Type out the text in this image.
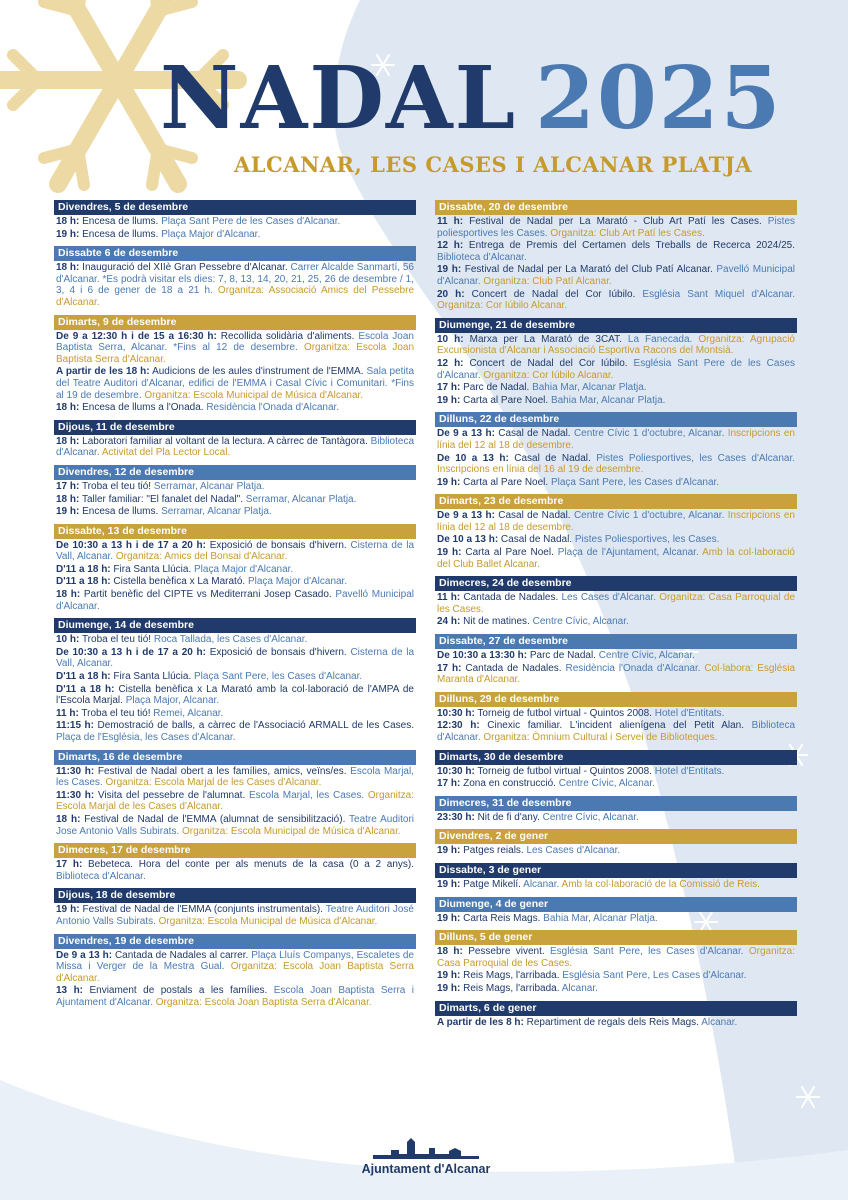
NADAL 2025
ALCANAR, LES CASES I ALCANAR PLATJA
Divendres, 5 de desembre
18 h: Encesa de llums. Plaça Sant Pere de les Cases d'Alcanar.
19 h: Encesa de llums. Plaça Major d'Alcanar.
Dissabte 6 de desembre
18 h: Inauguració del XIIè Gran Pessebre d'Alcanar. Carrer Alcalde Sanmartí, 56 d'Alcanar. *Es podrà visitar els dies: 7, 8, 13, 14, 20, 21, 25, 26 de desembre / 1, 3, 4 i 6 de gener de 18 a 21 h. Organitza: Associació Amics del Pessebre d'Alcanar.
Dimarts, 9 de desembre
De 9 a 12:30 h i de 15 a 16:30 h: Recollida solidària d'aliments. Escola Joan Baptista Serra, Alcanar. *Fins al 12 de desembre. Organitza: Escola Joan Baptista Serra d'Alcanar.
A partir de les 18 h: Audicions de les aules d'instrument de l'EMMA. Sala petita del Teatre Auditori d'Alcanar, edifici de l'EMMA i Casal Cívic i Comunitari. *Fins al 19 de desembre. Organitza: Escola Municipal de Música d'Alcanar.
18 h: Encesa de llums a l'Onada. Residència l'Onada d'Alcanar.
Dijous, 11 de desembre
18 h: Laboratori familiar al voltant de la lectura. A càrrec de Tantàgora. Biblioteca d'Alcanar. Activitat del Pla Lector Local.
Divendres, 12 de desembre
17 h: Troba el teu tió! Serramar, Alcanar Platja.
18 h: Taller familiar: "El fanalet del Nadal". Serramar, Alcanar Platja.
19 h: Encesa de llums. Serramar, Alcanar Platja.
Dissabte, 13 de desembre
De 10:30 a 13 h i de 17 a 20 h: Exposició de bonsais d'hivern. Cisterna de la Vall, Alcanar. Organitza: Amics del Bonsai d'Alcanar.
D'11 a 18 h: Fira Santa Llúcia. Plaça Major d'Alcanar.
D'11 a 18 h: Cistella benèfica x La Marató. Plaça Major d'Alcanar.
18 h: Partit benèfic del CIPTE vs Mediterrani Josep Casado. Pavelló Municipal d'Alcanar.
Diumenge, 14 de desembre
10 h: Troba el teu tió! Roca Tallada, les Cases d'Alcanar.
De 10:30 a 13 h i de 17 a 20 h: Exposició de bonsais d'hivern. Cisterna de la Vall, Alcanar.
D'11 a 18 h: Fira Santa Llúcia. Plaça Sant Pere, les Cases d'Alcanar.
D'11 a 18 h: Cistella benèfica x La Marató amb la col·laboració de l'AMPA de l'Escola Marjal. Plaça Major, Alcanar.
11 h: Troba el teu tió! Remei, Alcanar.
11:15 h: Demostració de balls, a càrrec de l'Associació ARMALL de les Cases. Plaça de l'Església, les Cases d'Alcanar.
Dimarts, 16 de desembre
11:30 h: Festival de Nadal obert a les famílies, amics, veïns/es. Escola Marjal, les Cases. Organitza: Escola Marjal de les Cases d'Alcanar.
11:30 h: Visita del pessebre de l'alumnat. Escola Marjal, les Cases. Organitza: Escola Marjal de les Cases d'Alcanar.
18 h: Festival de Nadal de l'EMMA (alumnat de sensibilització). Teatre Auditori Jose Antonio Valls Subirats. Organitza: Escola Municipal de Música d'Alcanar.
Dimecres, 17 de desembre
17 h: Bebeteca. Hora del conte per als menuts de la casa (0 a 2 anys). Biblioteca d'Alcanar.
Dijous, 18 de desembre
19 h: Festival de Nadal de l'EMMA (conjunts instrumentals). Teatre Auditori José Antonio Valls Subirats. Organitza: Escola Municipal de Música d'Alcanar.
Divendres, 19 de desembre
De 9 a 13 h: Cantada de Nadales al carrer. Plaça Lluís Companys, Escaletes de Missa i Verger de la Mestra Gual. Organitza: Escola Joan Baptista Serra d'Alcanar.
13 h: Enviament de postals a les famílies. Escola Joan Baptista Serra i Ajuntament d'Alcanar. Organitza: Escola Joan Baptista Serra d'Alcanar.
Dissabte, 20 de desembre
11 h: Festival de Nadal per La Marató - Club Art Patí les Cases. Pistes poliesportives les Cases. Organitza: Club Art Patí les Cases.
12 h: Entrega de Premis del Certamen dels Treballs de Recerca 2024/25. Biblioteca d'Alcanar.
19 h: Festival de Nadal per La Marató del Club Patí Alcanar. Pavelló Municipal d'Alcanar. Organitza: Club Patí Alcanar.
20 h: Concert de Nadal del Cor Iúbilo. Església Sant Miquel d'Alcanar. Organitza: Cor Iúbilo Alcanar.
Diumenge, 21 de desembre
10 h: Marxa per La Marató de 3CAT. La Fanecada. Organitza: Agrupació Excursionista d'Alcanar i Associació Esportiva Racons del Montsià.
12 h: Concert de Nadal del Cor Iúbilo. Església Sant Pere de les Cases d'Alcanar. Organitza: Cor Iúbilo Alcanar.
17 h: Parc de Nadal. Bahia Mar, Alcanar Platja.
19 h: Carta al Pare Noel. Bahia Mar, Alcanar Platja.
Dilluns, 22 de desembre
De 9 a 13 h: Casal de Nadal. Centre Cívic 1 d'octubre, Alcanar. Inscripcions en línia del 12 al 18 de desembre.
De 10 a 13 h: Casal de Nadal. Pistes Poliesportives, les Cases d'Alcanar. Inscripcions en línia del 16 al 19 de desembre.
19 h: Carta al Pare Noel. Plaça Sant Pere, les Cases d'Alcanar.
Dimarts, 23 de desembre
De 9 a 13 h: Casal de Nadal. Centre Cívic 1 d'octubre, Alcanar. Inscripcions en línia del 12 al 18 de desembre.
De 10 a 13 h: Casal de Nadal. Pistes Poliesportives, les Cases.
19 h: Carta al Pare Noel. Plaça de l'Ajuntament, Alcanar. Amb la col·laboració del Club Ballet Alcanar.
Dimecres, 24 de desembre
11 h: Cantada de Nadales. Les Cases d'Alcanar. Organitza: Casa Parroquial de les Cases.
24 h: Nit de matines. Centre Cívic, Alcanar.
Dissabte, 27 de desembre
De 10:30 a 13:30 h: Parc de Nadal. Centre Cívic, Alcanar.
17 h: Cantada de Nadales. Residència l'Onada d'Alcanar. Col·labora: Església Maranta d'Alcanar.
Dilluns, 29 de desembre
10:30 h: Torneig de futbol virtual - Quintos 2008. Hotel d'Entitats.
12:30 h: Cinexic familiar. L'incident alienígena del Petit Alan. Biblioteca d'Alcanar. Organitza: Òmnium Cultural i Servei de Biblioteques.
Dimarts, 30 de desembre
10:30 h: Torneig de futbol virtual - Quintos 2008. Hotel d'Entitats.
17 h: Zona en construcció. Centre Cívic, Alcanar.
Dimecres, 31 de desembre
23:30 h: Nit de fi d'any. Centre Cívic, Alcanar.
Divendres, 2 de gener
19 h: Patges reials. Les Cases d'Alcanar.
Dissabte, 3 de gener
19 h: Patge Mikelí. Alcanar. Amb la col·laboració de la Comissió de Reis.
Diumenge, 4 de gener
19 h: Carta Reis Mags. Bahia Mar, Alcanar Platja.
Dilluns, 5 de gener
18 h: Pessebre vivent. Església Sant Pere, les Cases d'Alcanar. Organitza: Casa Parroquial de les Cases.
19 h: Reis Mags, l'arribada. Església Sant Pere, Les Cases d'Alcanar.
19 h: Reis Mags, l'arribada. Alcanar.
Dimarts, 6 de gener
A partir de les 8 h: Repartiment de regals dels Reis Mags. Alcanar.
Ajuntament d'Alcanar
